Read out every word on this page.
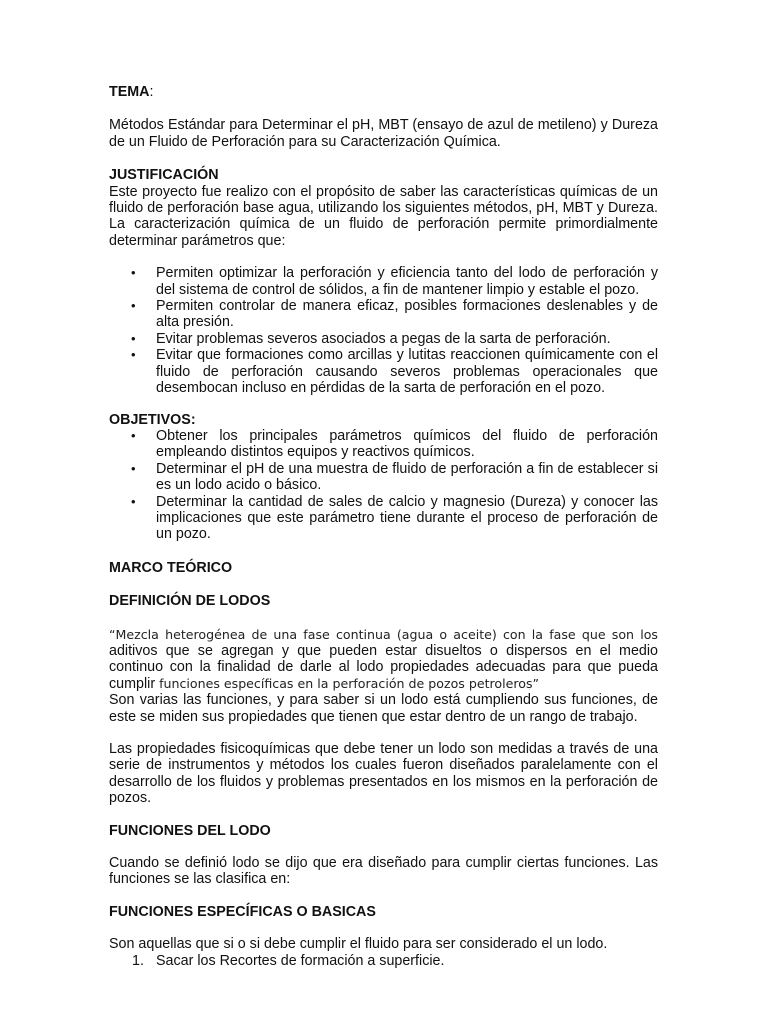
TEMA:

Métodos Estándar para Determinar el pH, MBT (ensayo de azul de metileno) y Dureza de un Fluido de Perforación para su Caracterización Química.

JUSTIFICACIÓN

Este proyecto fue realizo con el propósito de saber las características químicas de un fluido de perforación base agua, utilizando los siguientes métodos, pH, MBT y Dureza. La caracterización química de un fluido de perforación permite primordialmente determinar parámetros que:

• Permiten optimizar la perforación y eficiencia tanto del lodo de perforación y del sistema de control de sólidos, a fin de mantener limpio y estable el pozo.
• Permiten controlar de manera eficaz, posibles formaciones deslenables y de alta presión.
• Evitar problemas severos asociados a pegas de la sarta de perforación.
• Evitar que formaciones como arcillas y lutitas reaccionen químicamente con el fluido de perforación causando severos problemas operacionales que desembocan incluso en pérdidas de la sarta de perforación en el pozo.

OBJETIVOS:

• Obtener los principales parámetros químicos del fluido de perforación empleando distintos equipos y reactivos químicos.
• Determinar el pH de una muestra de fluido de perforación a fin de establecer si es un lodo acido o básico.
• Determinar la cantidad de sales de calcio y magnesio (Dureza) y conocer las implicaciones que este parámetro tiene durante el proceso de perforación de un pozo.

MARCO TEÓRICO

DEFINICIÓN DE LODOS

“Mezcla heterogénea de una fase continua (agua o aceite) con la fase que son los
aditivos que se agregan y que pueden estar disueltos o dispersos en el medio continuo con la finalidad de darle al lodo propiedades adecuadas para que pueda cumplir funciones específicas en la perforación de pozos petroleros”

Son varias las funciones, y para saber si un lodo está cumpliendo sus funciones, de este se miden sus propiedades que tienen que estar dentro de un rango de trabajo.

Las propiedades fisicoquímicas que debe tener un lodo son medidas a través de una serie de instrumentos y métodos los cuales fueron diseñados paralelamente con el desarrollo de los fluidos y problemas presentados en los mismos en la perforación de pozos.

FUNCIONES DEL LODO

Cuando se definió lodo se dijo que era diseñado para cumplir ciertas funciones. Las funciones se las clasifica en:

FUNCIONES ESPECÍFICAS O BASICAS

Son aquellas que si o si debe cumplir el fluido para ser considerado el un lodo.

1. Sacar los Recortes de formación a superficie.
